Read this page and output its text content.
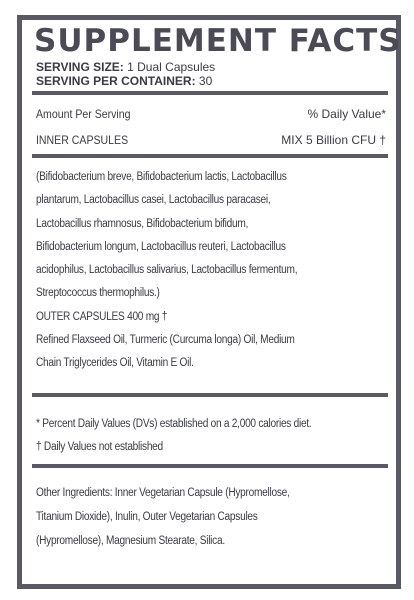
SUPPLEMENT FACTS
SERVING SIZE: 1 Dual Capsules
SERVING PER CONTAINER: 30
Amount Per Serving	% Daily Value*
INNER CAPSULES	MIX 5 Billion CFU †
(Bifidobacterium breve, Bifidobacterium lactis, Lactobacillus
plantarum, Lactobacillus casei, Lactobacillus paracasei,
Lactobacillus rhamnosus, Bifidobacterium bifidum,
Bifidobacterium longum, Lactobacillus reuteri, Lactobacillus
acidophilus, Lactobacillus salivarius, Lactobacillus fermentum,
Streptococcus thermophilus.)
OUTER CAPSULES 400 mg †
Refined Flaxseed Oil, Turmeric (Curcuma longa) Oil, Medium
Chain Triglycerides Oil, Vitamin E Oil.
* Percent Daily Values (DVs) established on a 2,000 calories diet.
† Daily Values not established
Other Ingredients: Inner Vegetarian Capsule (Hypromellose,
Titanium Dioxide), Inulin, Outer Vegetarian Capsules
(Hypromellose), Magnesium Stearate, Silica.
